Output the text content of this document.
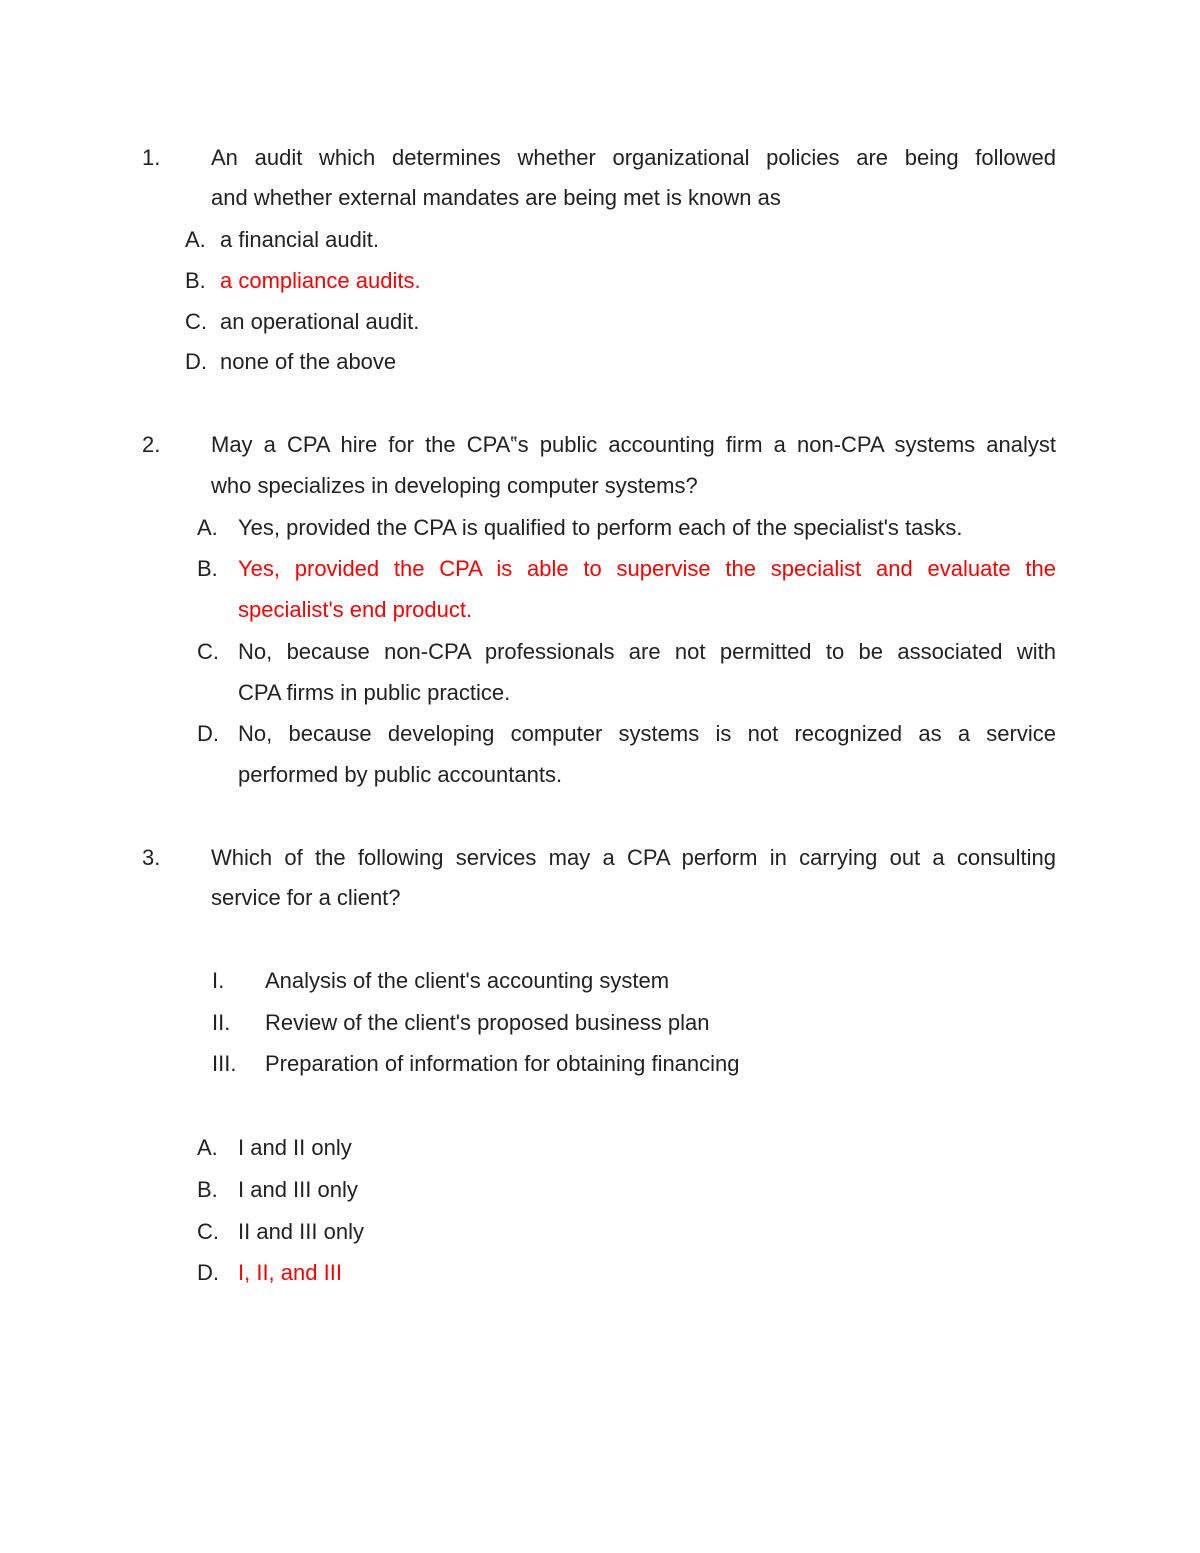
1. An audit which determines whether organizational policies are being followed
and whether external mandates are being met is known as
A. a financial audit.
B. a compliance audits.
C. an operational audit.
D. none of the above
2. May a CPA hire for the CPA‟s public accounting firm a non-CPA systems analyst
who specializes in developing computer systems?
A. Yes, provided the CPA is qualified to perform each of the specialist's tasks.
B. Yes, provided the CPA is able to supervise the specialist and evaluate the
specialist's end product.
C. No, because non-CPA professionals are not permitted to be associated with
CPA firms in public practice.
D. No, because developing computer systems is not recognized as a service
performed by public accountants.
3. Which of the following services may a CPA perform in carrying out a consulting
service for a client?
I. Analysis of the client's accounting system
II. Review of the client's proposed business plan
III. Preparation of information for obtaining financing
A. I and II only
B. I and III only
C. II and III only
D. I, II, and III
